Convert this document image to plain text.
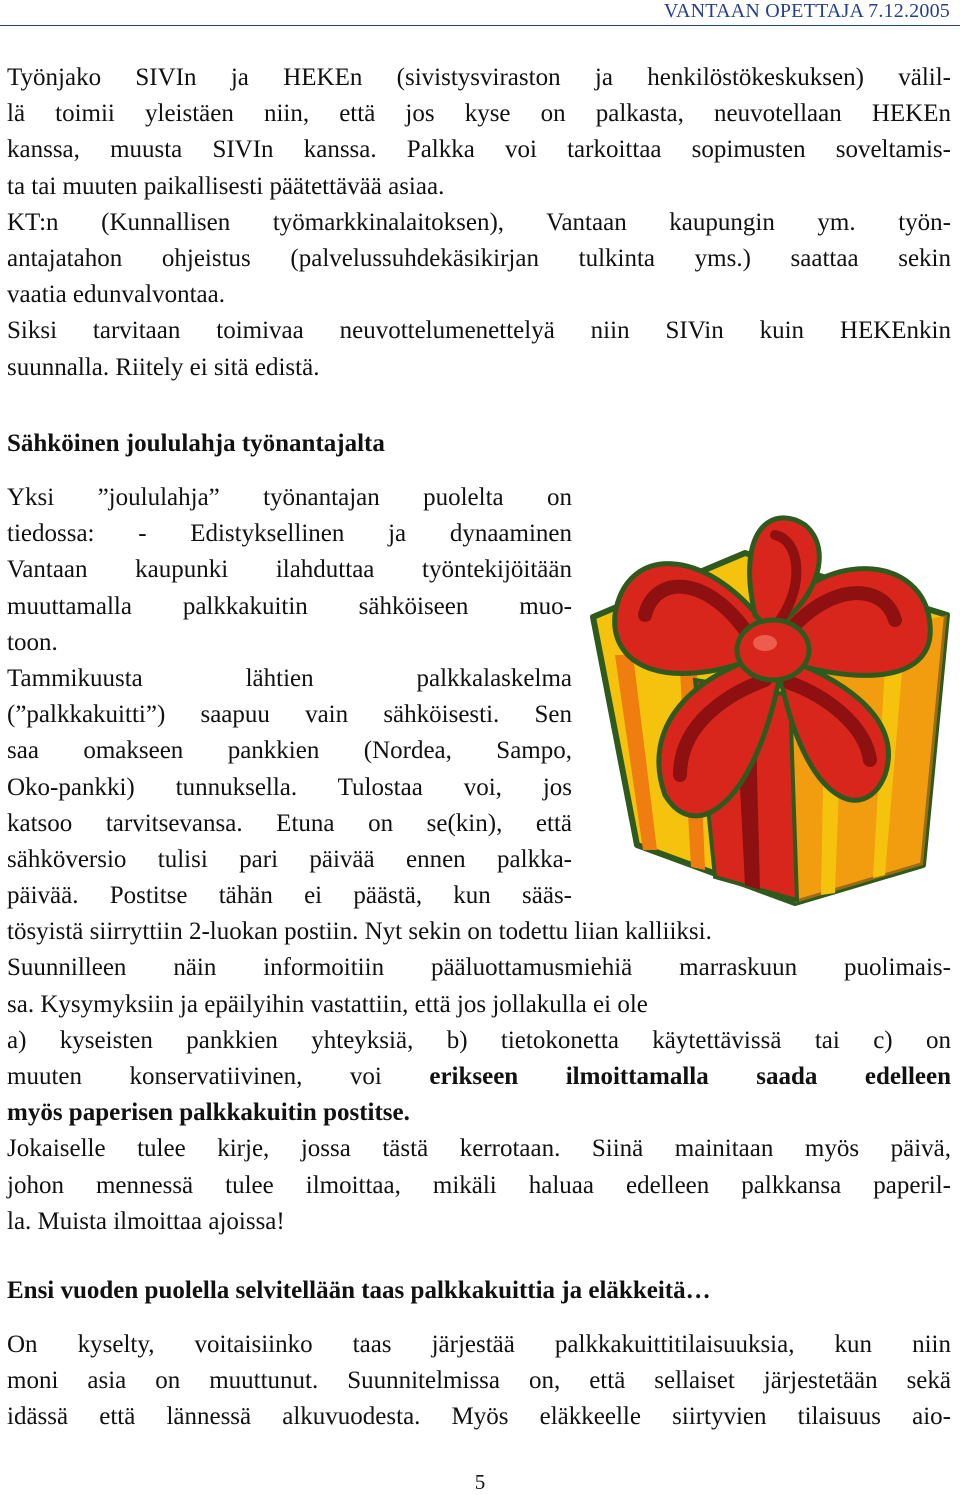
VANTAAN OPETTAJA 7.12.2005
Työnjako SIVIn ja HEKEn (sivistysviraston ja henkilöstökeskuksen) välil-
lä toimii yleistäen niin, että jos kyse on palkasta, neuvotellaan HEKEn
kanssa, muusta SIVIn kanssa. Palkka voi tarkoittaa sopimusten soveltamis-
ta tai muuten paikallisesti päätettävää asiaa.
KT:n (Kunnallisen työmarkkinalaitoksen), Vantaan kaupungin ym. työn-
antajatahon ohjeistus (palvelussuhdekäsikirjan tulkinta yms.) saattaa sekin
vaatia edunvalvontaa.
Siksi tarvitaan toimivaa neuvottelumenettelyä niin SIVin kuin HEKEnkin
suunnalla. Riitely ei sitä edistä.
Sähköinen joululahja työnantajalta
Yksi ”joululahja” työnantajan puolelta on
tiedossa: - Edistyksellinen ja dynaaminen
Vantaan kaupunki ilahduttaa työntekijöitään
muuttamalla palkkakuitin sähköiseen muo-
toon.
Tammikuusta lähtien palkkalaskelma
(”palkkakuitti”) saapuu vain sähköisesti. Sen
saa omakseen pankkien (Nordea, Sampo,
Oko-pankki) tunnuksella. Tulostaa voi, jos
katsoo tarvitsevansa. Etuna on se(kin), että
sähköversio tulisi pari päivää ennen palkka-
päivää. Postitse tähän ei päästä, kun sääs-
tösyistä siirryttiin 2-luokan postiin. Nyt sekin on todettu liian kalliiksi.
Suunnilleen näin informoitiin pääluottamusmiehiä marraskuun puolimais-
sa. Kysymyksiin ja epäilyihin vastattiin, että jos jollakulla ei ole
a) kyseisten pankkien yhteyksiä, b) tietokonetta käytettävissä tai c) on
muuten konservatiivinen, voi erikseen ilmoittamalla saada edelleen
myös paperisen palkkakuitin postitse.
Jokaiselle tulee kirje, jossa tästä kerrotaan. Siinä mainitaan myös päivä,
johon mennessä tulee ilmoittaa, mikäli haluaa edelleen palkkansa paperil-
la. Muista ilmoittaa ajoissa!
Ensi vuoden puolella selvitellään taas palkkakuittia ja eläkkeitä…
On kyselty, voitaisiinko taas järjestää palkkakuittitilaisuuksia, kun niin
moni asia on muuttunut. Suunnitelmissa on, että sellaiset järjestetään sekä
idässä että lännessä alkuvuodesta. Myös eläkkeelle siirtyvien tilaisuus aio-
5
